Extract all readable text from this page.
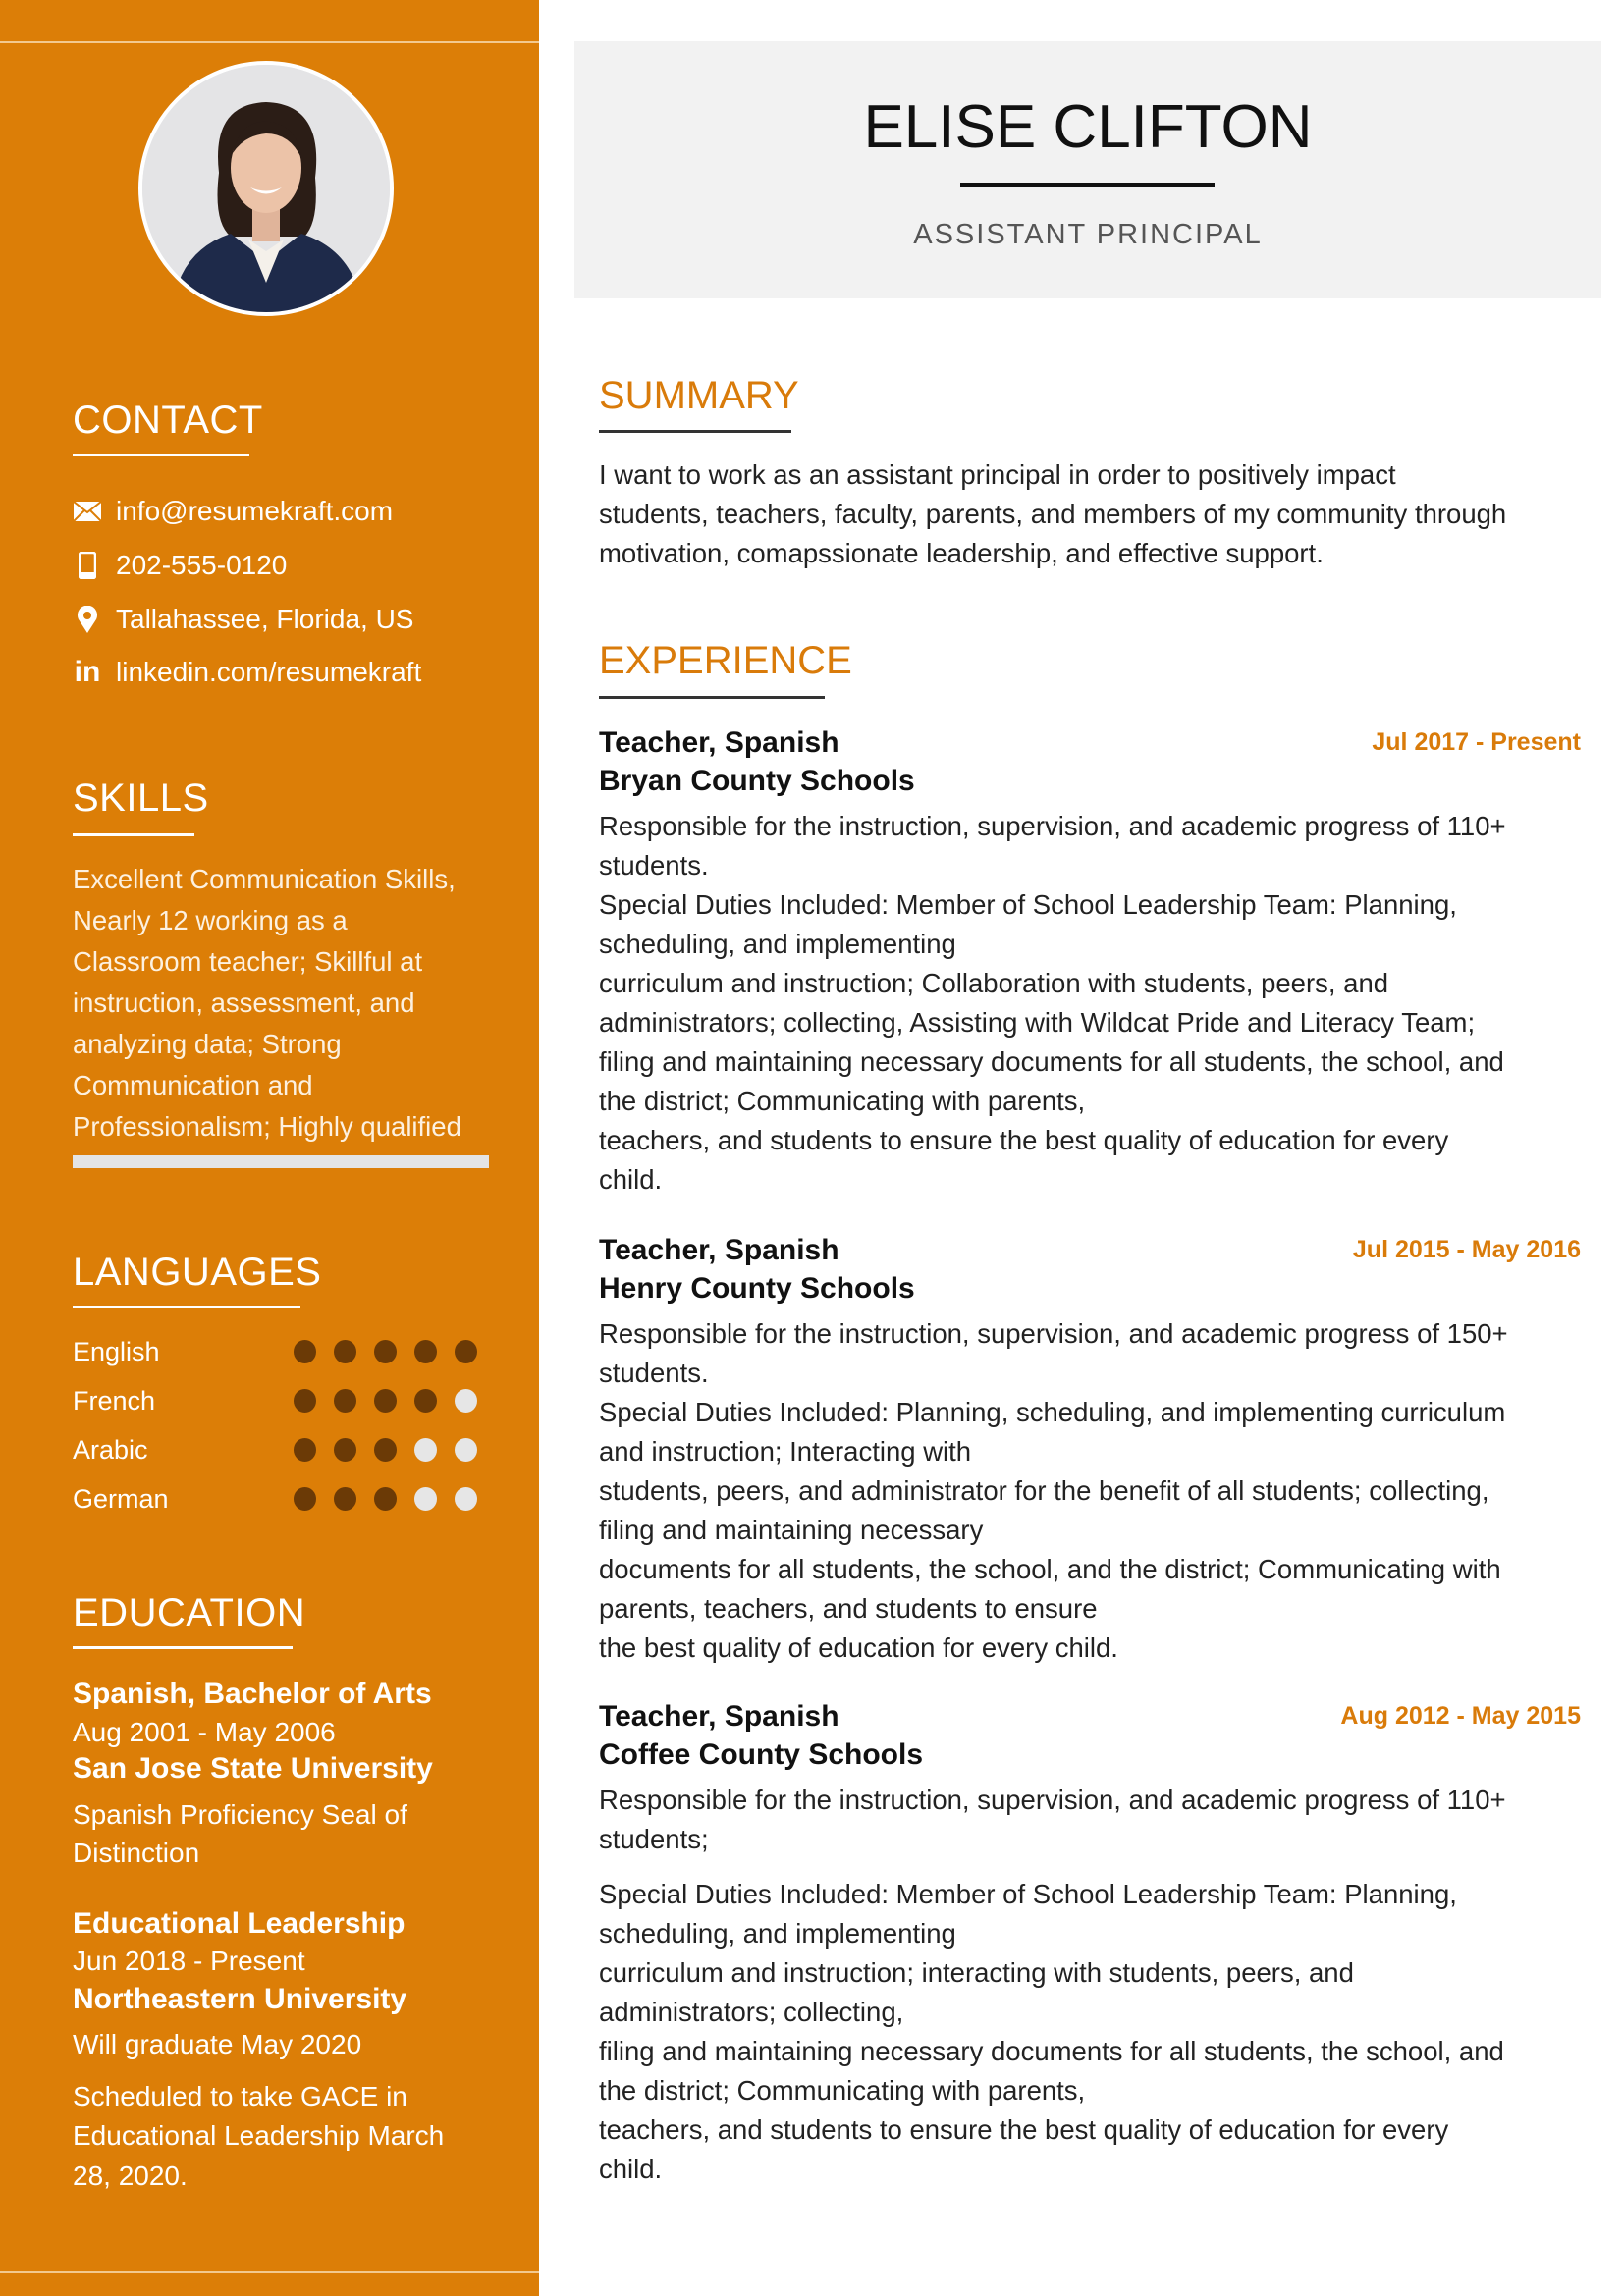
CONTACT
info@resumekraft.com
202-555-0120
Tallahassee, Florida, US
in linkedin.com/resumekraft
SKILLS
Excellent Communication Skills,
Nearly 12 working as a
Classroom teacher; Skillful at
instruction, assessment, and
analyzing data; Strong
Communication and
Professionalism; Highly qualified
LANGUAGES
English
French
Arabic
German
EDUCATION
Spanish, Bachelor of Arts
Aug 2001 - May 2006
San Jose State University
Spanish Proficiency Seal of
Distinction
Educational Leadership
Jun 2018 - Present
Northeastern University
Will graduate May 2020
Scheduled to take GACE in
Educational Leadership March
28, 2020.
ELISE CLIFTON
ASSISTANT PRINCIPAL
SUMMARY
I want to work as an assistant principal in order to positively impact
students, teachers, faculty, parents, and members of my community through
motivation, comapssionate leadership, and effective support.
EXPERIENCE
Teacher, Spanish	Jul 2017 - Present
Bryan County Schools
Responsible for the instruction, supervision, and academic progress of 110+
students.
Special Duties Included: Member of School Leadership Team: Planning,
scheduling, and implementing
curriculum and instruction; Collaboration with students, peers, and
administrators; collecting, Assisting with Wildcat Pride and Literacy Team;
filing and maintaining necessary documents for all students, the school, and
the district; Communicating with parents,
teachers, and students to ensure the best quality of education for every
child.
Teacher, Spanish	Jul 2015 - May 2016
Henry County Schools
Responsible for the instruction, supervision, and academic progress of 150+
students.
Special Duties Included: Planning, scheduling, and implementing curriculum
and instruction; Interacting with
students, peers, and administrator for the benefit of all students; collecting,
filing and maintaining necessary
documents for all students, the school, and the district; Communicating with
parents, teachers, and students to ensure
the best quality of education for every child.
Teacher, Spanish	Aug 2012 - May 2015
Coffee County Schools
Responsible for the instruction, supervision, and academic progress of 110+
students;
Special Duties Included: Member of School Leadership Team: Planning,
scheduling, and implementing
curriculum and instruction; interacting with students, peers, and
administrators; collecting,
filing and maintaining necessary documents for all students, the school, and
the district; Communicating with parents,
teachers, and students to ensure the best quality of education for every
child.
